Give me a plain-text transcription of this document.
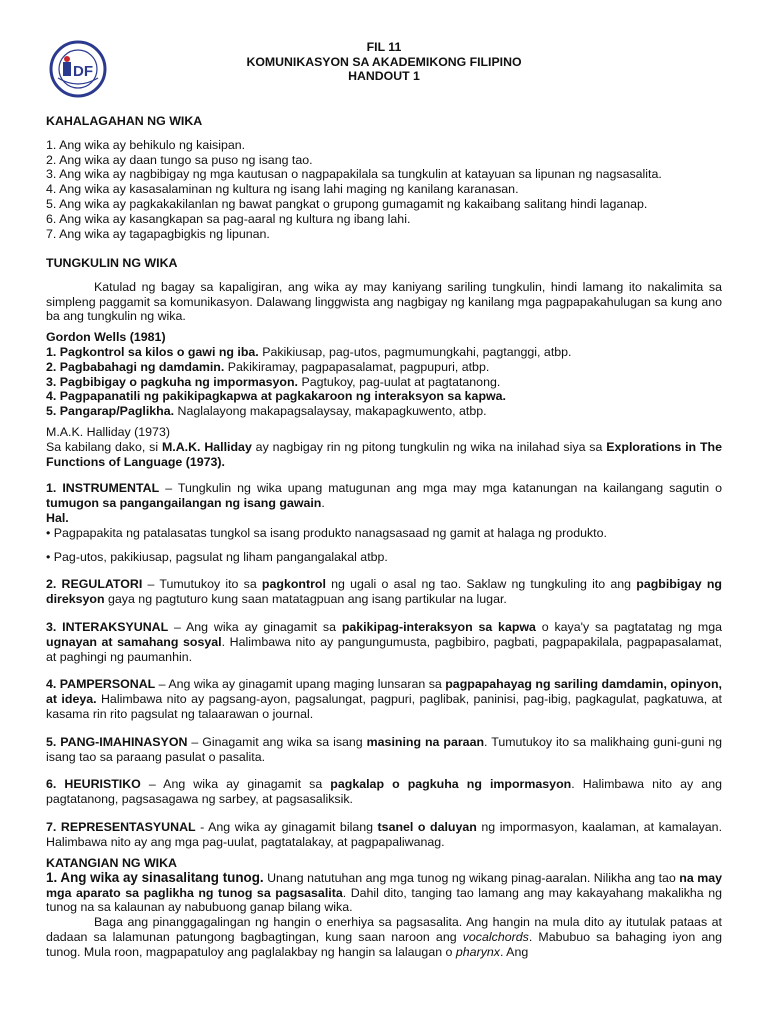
DF
FIL 11
KOMUNIKASYON SA AKADEMIKONG FILIPINO
HANDOUT 1
KAHALAGAHAN NG WIKA
1. Ang wika ay behikulo ng kaisipan.
2. Ang wika ay daan tungo sa puso ng isang tao.
3. Ang wika ay nagbibigay ng mga kautusan o nagpapakilala sa tungkulin at katayuan sa lipunan ng nagsasalita.
4. Ang wika ay kasasalaminan ng kultura ng isang lahi maging ng kanilang karanasan.
5. Ang wika ay pagkakakilanlan ng bawat pangkat o grupong gumagamit ng kakaibang salitang hindi laganap.
6. Ang wika ay kasangkapan sa pag-aaral ng kultura ng ibang lahi.
7. Ang wika ay tagapagbigkis ng lipunan.
TUNGKULIN NG WIKA

Katulad ng bagay sa kapaligiran, ang wika ay may kaniyang sariling tungkulin, hindi lamang ito nakalimita sa simpleng paggamit sa komunikasyon. Dalawang linggwista ang nagbigay ng kanilang mga pagpapakahulugan sa kung ano ba ang tungkulin ng wika.

Gordon Wells (1981)
1. Pagkontrol sa kilos o gawi ng iba. Pakikiusap, pag-utos, pagmumungkahi, pagtanggi, atbp.
2. Pagbabahagi ng damdamin. Pakikiramay, pagpapasalamat, pagpupuri, atbp.
3. Pagbibigay o pagkuha ng impormasyon. Pagtukoy, pag-uulat at pagtatanong.
4. Pagpapanatili ng pakikipagkapwa at pagkakaroon ng interaksyon sa kapwa.
5. Pangarap/Paglikha. Naglalayong makapagsalaysay, makapagkuwento, atbp.
M.A.K. Halliday (1973)

Sa kabilang dako, si M.A.K. Halliday ay nagbigay rin ng pitong tungkulin ng wika na inilahad siya sa Explorations in The Functions of Language (1973).

1. INSTRUMENTAL – Tungkulin ng wika upang matugunan ang mga may mga katanungan na kailangang sagutin o tumugon sa pangangailangan ng isang gawain.

Hal.
• Pagpapakita ng patalasatas tungkol sa isang produkto nanagsasaad ng gamit at halaga ng produkto.
• Pag-utos, pakikiusap, pagsulat ng liham pangangalakal atbp.

2. REGULATORI – Tumutukoy ito sa pagkontrol ng ugali o asal ng tao. Saklaw ng tungkuling ito ang pagbibigay ng direksyon gaya ng pagtuturo kung saan matatagpuan ang isang partikular na lugar.

3. INTERAKSYUNAL – Ang wika ay ginagamit sa pakikipag-interaksyon sa kapwa o kaya'y sa pagtatatag ng mga ugnayan at samahang sosyal. Halimbawa nito ay pangungumusta, pagbibiro, pagbati, pagpapakilala, pagpapasalamat, at paghingi ng paumanhin.

4. PAMPERSONAL – Ang wika ay ginagamit upang maging lunsaran sa pagpapahayag ng sariling damdamin, opinyon, at ideya. Halimbawa nito ay pagsang-ayon, pagsalungat, pagpuri, paglibak, paninisi, pag-ibig, pagkagulat, pagkatuwa, at kasama rin rito pagsulat ng talaarawan o journal.

5. PANG-IMAHINASYON – Ginagamit ang wika sa isang masining na paraan. Tumutukoy ito sa malikhaing guni-guni ng isang tao sa paraang pasulat o pasalita.

6. HEURISTIKO – Ang wika ay ginagamit sa pagkalap o pagkuha ng impormasyon. Halimbawa nito ay ang pagtatanong, pagsasagawa ng sarbey, at pagsasaliksik.

7. REPRESENTASYUNAL - Ang wika ay ginagamit bilang tsanel o daluyan ng impormasyon, kaalaman, at kamalayan. Halimbawa nito ay ang mga pag-uulat, pagtatalakay, at pagpapaliwanag.

KATANGIAN NG WIKA

1. Ang wika ay sinasalitang tunog. Unang natutuhan ang mga tunog ng wikang pinag-aaralan. Nilikha ang tao na may mga aparato sa paglikha ng tunog sa pagsasalita. Dahil dito, tanging tao lamang ang may kakayahang makalikha ng tunog na sa kalaunan ay nabubuong ganap bilang wika.

Baga ang pinanggagalingan ng hangin o enerhiya sa pagsasalita. Ang hangin na mula dito ay itutulak pataas at dadaan sa lalamunan patungong bagbagtingan, kung saan naroon ang vocalchords. Mabubuo sa bahaging iyon ang tunog. Mula roon, magpapatuloy ang paglalakbay ng hangin sa lalaugan o pharynx. Ang
